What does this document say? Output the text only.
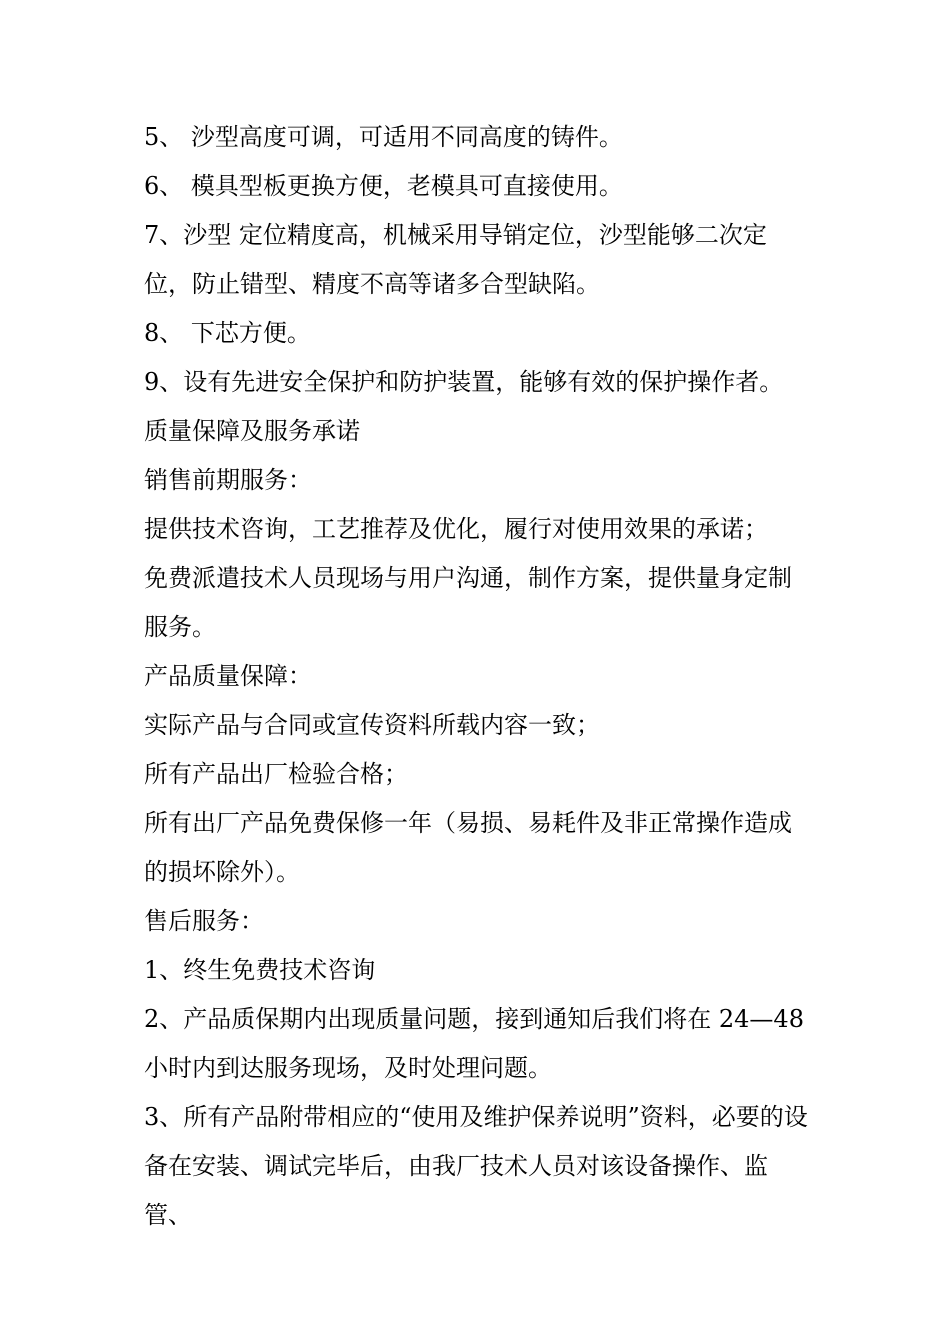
5、 沙型高度可调，可适用不同高度的铸件。

6、 模具型板更换方便，老模具可直接使用。

7、沙型 定位精度高，机械采用导销定位，沙型能够二次定位，防止错型、精度不高等诸多合型缺陷。

8、 下芯方便。

9、设有先进安全保护和防护装置，能够有效的保护操作者。

质量保障及服务承诺

销售前期服务：

提供技术咨询，工艺推荐及优化，履行对使用效果的承诺；

免费派遣技术人员现场与用户沟通，制作方案，提供量身定制服务。

产品质量保障：

实际产品与合同或宣传资料所载内容一致；

所有产品出厂检验合格；

所有出厂产品免费保修一年（易损、易耗件及非正常操作造成的损坏除外）。

售后服务：

1、终生免费技术咨询

2、产品质保期内出现质量问题，接到通知后我们将在 24—48 小时内到达服务现场，及时处理问题。

3、所有产品附带相应的“使用及维护保养说明”资料，必要的设备在安装、调试完毕后，由我厂技术人员对该设备操作、监管、
